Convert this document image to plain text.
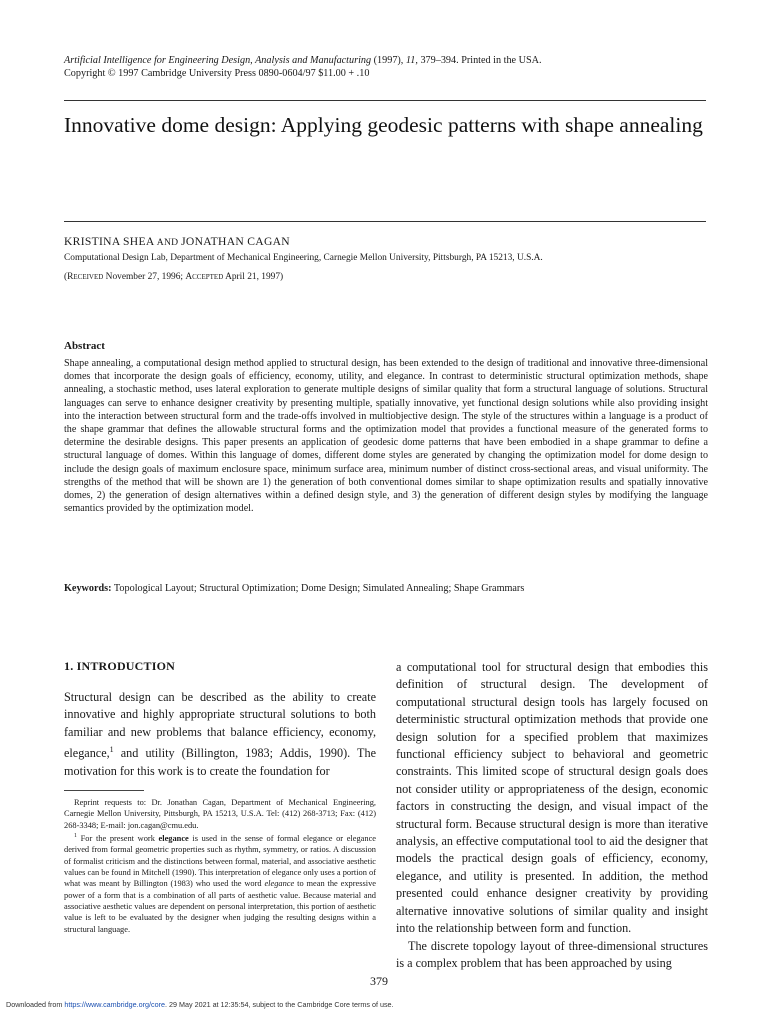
Artificial Intelligence for Engineering Design, Analysis and Manufacturing (1997), 11, 379–394. Printed in the USA.
Copyright © 1997 Cambridge University Press 0890-0604/97 $11.00 + .10
Innovative dome design: Applying geodesic patterns with shape annealing
KRISTINA SHEA AND JONATHAN CAGAN
Computational Design Lab, Department of Mechanical Engineering, Carnegie Mellon University, Pittsburgh, PA 15213, U.S.A.
(Received November 27, 1996; Accepted April 21, 1997)
Abstract
Shape annealing, a computational design method applied to structural design, has been extended to the design of traditional and innovative three-dimensional domes that incorporate the design goals of efficiency, economy, utility, and elegance. In contrast to deterministic structural optimization methods, shape annealing, a stochastic method, uses lateral exploration to generate multiple designs of similar quality that form a structural language of solutions. Structural languages can serve to enhance designer creativity by presenting multiple, spatially innovative, yet functional design solutions while also providing insight into the interaction between structural form and the trade-offs involved in multiobjective design. The style of the structures within a language is a product of the shape grammar that defines the allowable structural forms and the optimization model that provides a functional measure of the generated forms to determine the desirable designs. This paper presents an application of geodesic dome patterns that have been embodied in a shape grammar to define a structural language of domes. Within this language of domes, different dome styles are generated by changing the optimization model for dome design to include the design goals of maximum enclosure space, minimum surface area, minimum number of distinct cross-sectional areas, and visual uniformity. The strengths of the method that will be shown are 1) the generation of both conventional domes similar to shape optimization results and spatially innovative domes, 2) the generation of design alternatives within a defined design style, and 3) the generation of different design styles by modifying the language semantics provided by the optimization model.
Keywords: Topological Layout; Structural Optimization; Dome Design; Simulated Annealing; Shape Grammars
1. INTRODUCTION
Structural design can be described as the ability to create innovative and highly appropriate structural solutions to both familiar and new problems that balance efficiency, economy, elegance,$^1$ and utility (Billington, 1983; Addis, 1990). The motivation for this work is to create the foundation for

Reprint requests to: Dr. Jonathan Cagan, Department of Mechanical Engineering, Carnegie Mellon University, Pittsburgh, PA 15213, U.S.A. Tel: (412) 268-3713; Fax: (412) 268-3348; E-mail: jon.cagan@cmu.edu.

$^1$ For the present work elegance is used in the sense of formal elegance or elegance derived from formal geometric properties such as rhythm, symmetry, or ratios. A discussion of formalist criticism and the distinctions between formal, material, and associative aesthetic values can be found in Mitchell (1990). This interpretation of elegance only uses a portion of what was meant by Billington (1983) who used the word elegance to mean the expressive power of a form that is a combination of all parts of aesthetic value. Because material and associative aesthetic values are dependent on personal interpretation, this portion of aesthetic value is left to be evaluated by the designer when judging the resulting designs within a structural language.

a computational tool for structural design that embodies this definition of structural design. The development of computational structural design tools has largely focused on deterministic structural optimization methods that provide one design solution for a specified problem that maximizes functional efficiency subject to behavioral and geometric constraints. This limited scope of structural design goals does not consider utility or appropriateness of the design, economic factors in constructing the design, and visual impact of the structural form. Because structural design is more than iterative analysis, an effective computational tool to aid the designer that models the practical design goals of efficiency, economy, elegance, and utility is presented. In addition, the method presented could enhance designer creativity by providing alternative innovative solutions of similar quality and insight into the relationship between form and function.

The discrete topology layout of three-dimensional structures is a complex problem that has been approached by using

379
Downloaded from https://www.cambridge.org/core. 29 May 2021 at 12:35:54, subject to the Cambridge Core terms of use.
